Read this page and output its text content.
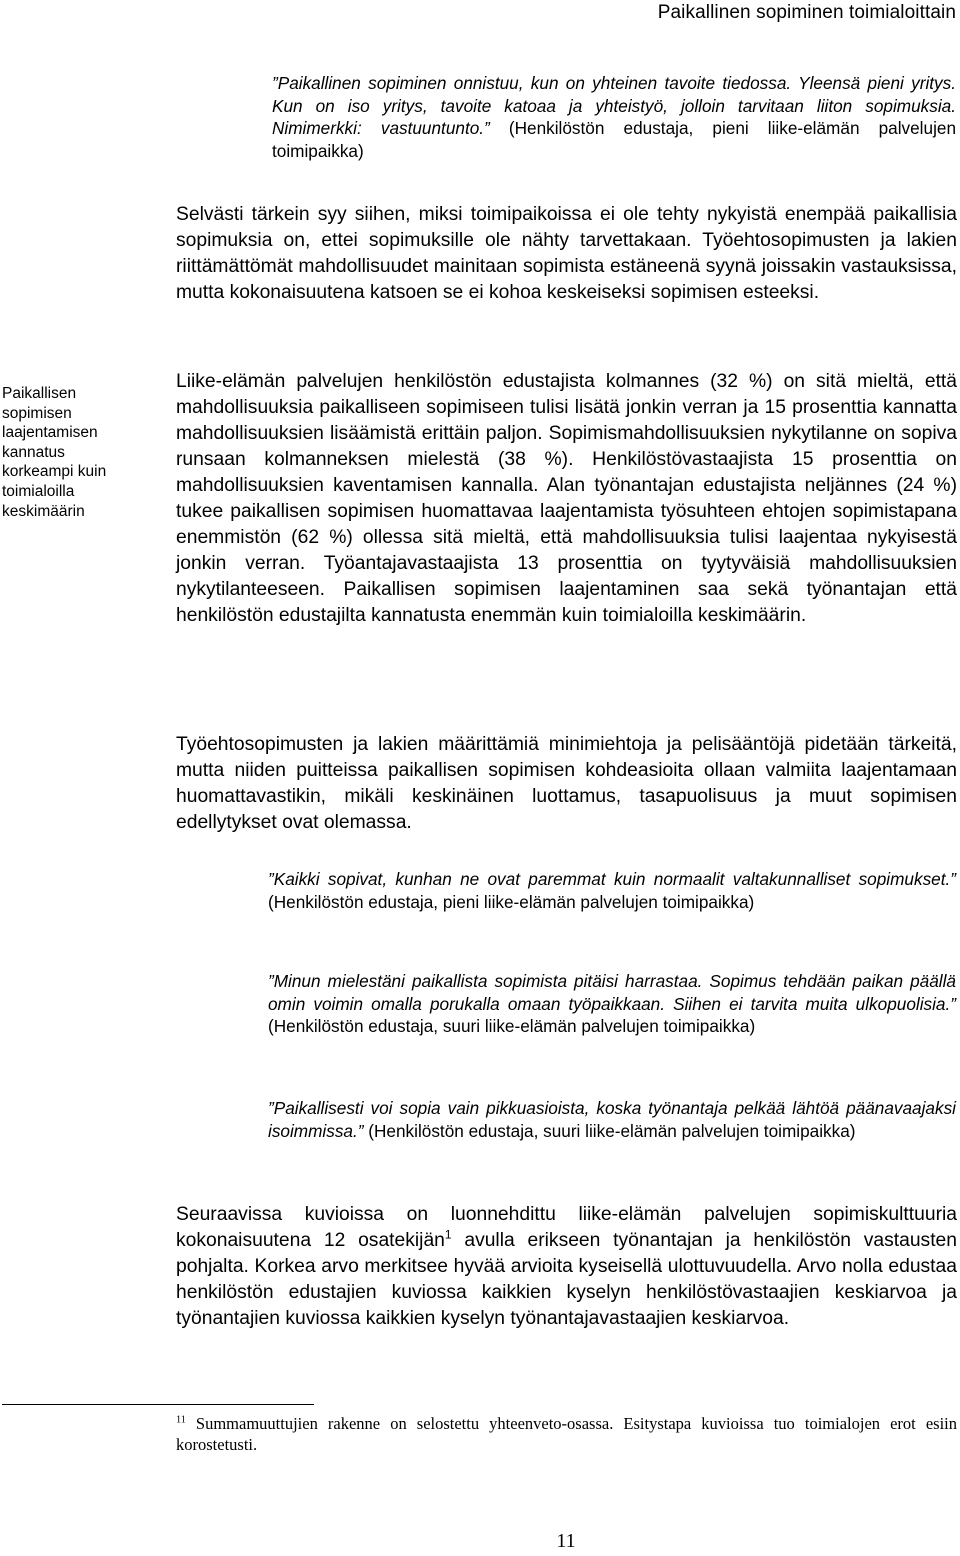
Paikallinen sopiminen toimialoittain

”Paikallinen sopiminen onnistuu, kun on yhteinen tavoite tiedossa. Yleensä pieni yritys. Kun on iso yritys, tavoite katoaa ja yhteistyö, jolloin tarvitaan liiton sopimuksia. Nimimerkki: vastuuntunto.” (Henkilöstön edustaja, pieni liike-elämän palvelujen toimipaikka)

Selvästi tärkein syy siihen, miksi toimipaikoissa ei ole tehty nykyistä enempää paikallisia sopimuksia on, ettei sopimuksille ole nähty tarvettakaan. Työehtosopimusten ja lakien riittämättömät mahdollisuudet mainitaan sopimista estäneenä syynä joissakin vastauksissa, mutta kokonaisuutena katsoen se ei kohoa keskeiseksi sopimisen esteeksi.

Paikallisen sopimisen laajentamisen kannatus korkeampi kuin toimialoilla keskimäärin

Liike-elämän palvelujen henkilöstön edustajista kolmannes (32 %) on sitä mieltä, että mahdollisuuksia paikalliseen sopimiseen tulisi lisätä jonkin verran ja 15 prosenttia kannatta mahdollisuuksien lisäämistä erittäin paljon. Sopimismahdollisuuksien nykytilanne on sopiva runsaan kolmanneksen mielestä (38 %). Henkilöstövastaajista 15 prosenttia on mahdollisuuksien kaventamisen kannalla. Alan työnantajan edustajista neljännes (24 %) tukee paikallisen sopimisen huomattavaa laajentamista työsuhteen ehtojen sopimistapana enemmistön (62 %) ollessa sitä mieltä, että mahdollisuuksia tulisi laajentaa nykyisestä jonkin verran. Työantajavastaajista 13 prosenttia on tyytyväisiä mahdollisuuksien nykytilanteeseen. Paikallisen sopimisen laajentaminen saa sekä työnantajan että henkilöstön edustajilta kannatusta enemmän kuin toimialoilla keskimäärin.

Työehtosopimusten ja lakien määrittämiä minimiehtoja ja pelisääntöjä pidetään tärkeitä, mutta niiden puitteissa paikallisen sopimisen kohdeasioita ollaan valmiita laajentamaan huomattavastikin, mikäli keskinäinen luottamus, tasapuolisuus ja muut sopimisen edellytykset ovat olemassa.

”Kaikki sopivat, kunhan ne ovat paremmat kuin normaalit valtakunnalliset sopimukset.” (Henkilöstön edustaja, pieni liike-elämän palvelujen toimipaikka)

”Minun mielestäni paikallista sopimista pitäisi harrastaa. Sopimus tehdään paikan päällä omin voimin omalla porukalla omaan työpaikkaan. Siihen ei tarvita muita ulkopuolisia.” (Henkilöstön edustaja, suuri liike-elämän palvelujen toimipaikka)

”Paikallisesti voi sopia vain pikkuasioista, koska työnantaja pelkää lähtöä päänavaajaksi isoimmissa.” (Henkilöstön edustaja, suuri liike-elämän palvelujen toimipaikka)

Seuraavissa kuvioissa on luonnehdittu liike-elämän palvelujen sopimiskulttuuria kokonaisuutena 12 osatekijän$^1$ avulla erikseen työnantajan ja henkilöstön vastausten pohjalta. Korkea arvo merkitsee hyvää arvioita kyseisellä ulottuvuudella. Arvo nolla edustaa henkilöstön edustajien kuviossa kaikkien kyselyn henkilöstövastaajien keskiarvoa ja työnantajien kuviossa kaikkien kyselyn työnantajavastaajien keskiarvoa.

$^{11}$ Summamuuttujien rakenne on selostettu yhteenveto-osassa. Esitystapa kuvioissa tuo toimialojen erot esiin korostetusti.

11
